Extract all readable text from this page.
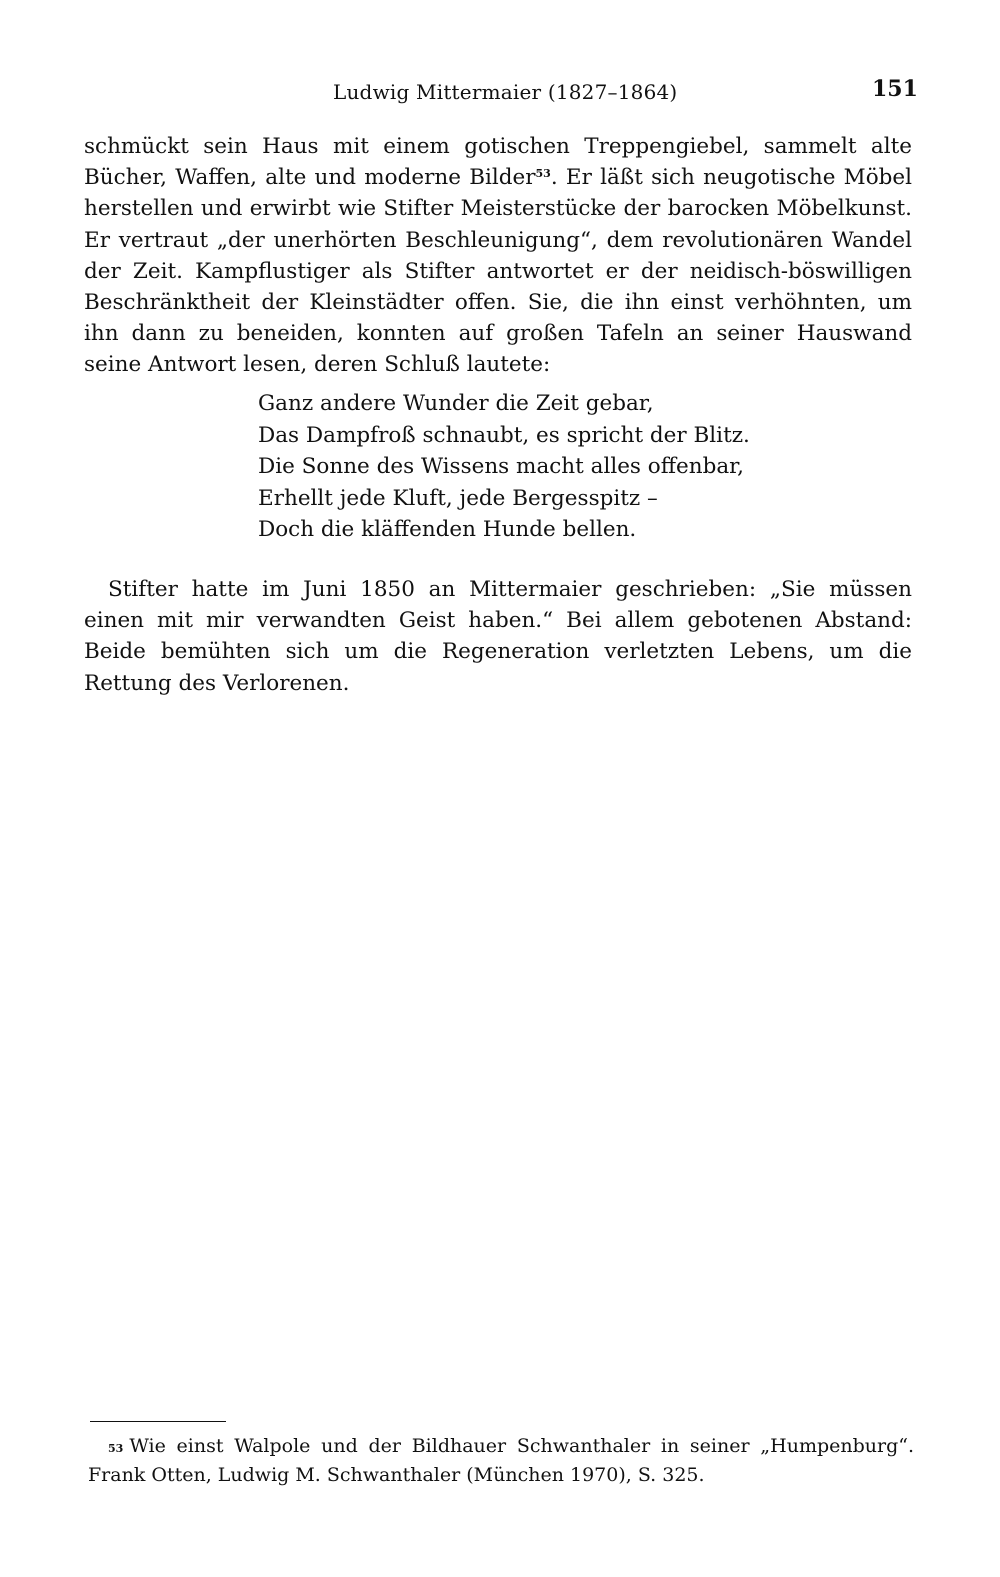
Ludwig Mittermaier (1827–1864)	151

schmückt sein Haus mit einem gotischen Treppengiebel, sammelt alte Bücher, Waffen, alte und moderne Bilder$^{53}$. Er läßt sich neugotische Möbel herstellen und erwirbt wie Stifter Meisterstücke der barocken Möbelkunst. Er vertraut „der unerhörten Beschleunigung“, dem revolutionären Wandel der Zeit. Kampflustiger als Stifter antwortet er der neidisch-böswilligen Beschränktheit der Kleinstädter offen. Sie, die ihn einst verhöhnten, um ihn dann zu beneiden, konnten auf großen Tafeln an seiner Hauswand seine Antwort lesen, deren Schluß lautete:

Ganz andere Wunder die Zeit gebar,
Das Dampfroß schnaubt, es spricht der Blitz.
Die Sonne des Wissens macht alles offenbar,
Erhellt jede Kluft, jede Bergesspitz –
Doch die kläffenden Hunde bellen.

Stifter hatte im Juni 1850 an Mittermaier geschrieben: „Sie müssen einen mit mir verwandten Geist haben.“ Bei allem gebotenen Abstand: Beide bemühten sich um die Regeneration verletzten Lebens, um die Rettung des Verlorenen.

$^{53}$ Wie einst Walpole und der Bildhauer Schwanthaler in seiner „Humpenburg“. Frank Otten, Ludwig M. Schwanthaler (München 1970), S. 325.
